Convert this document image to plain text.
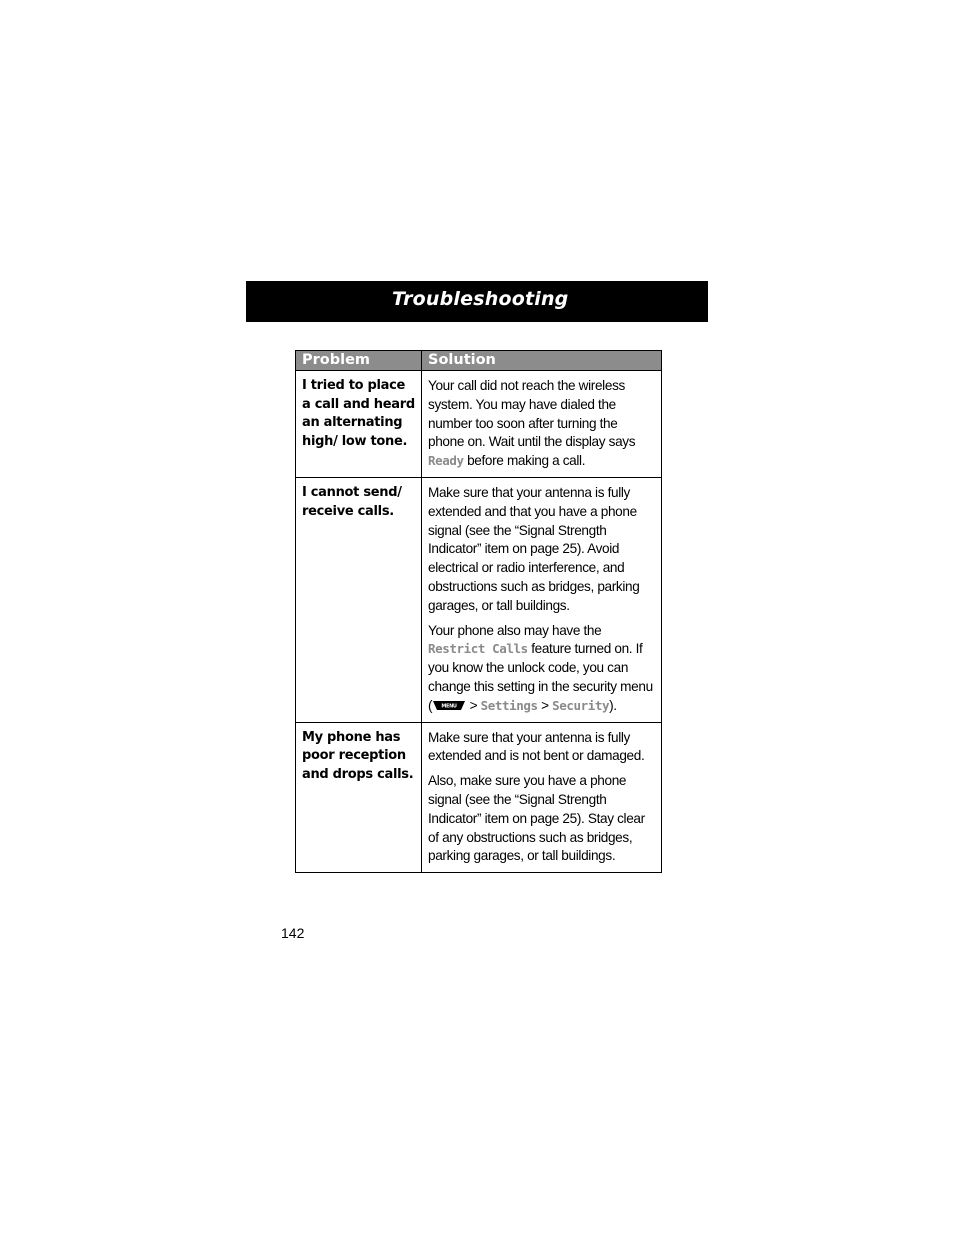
Troubleshooting
Problem	Solution
I tried to place a call and heard an alternating high/ low tone.	Your call did not reach the wireless system. You may have dialed the number too soon after turning the phone on. Wait until the display says Ready before making a call.

I cannot send/ receive calls.	Make sure that your antenna is fully extended and that you have a phone signal (see the “Signal Strength Indicator” item on page 25). Avoid electrical or radio interference, and obstructions such as bridges, parking garages, or tall buildings.

Your phone also may have the Restrict Calls feature turned on. If you know the unlock code, you can change this setting in the security menu ( MENU > Settings > Security).

My phone has poor reception and drops calls.	Make sure that your antenna is fully extended and is not bent or damaged.

Also, make sure you have a phone signal (see the “Signal Strength Indicator” item on page 25). Stay clear of any obstructions such as bridges, parking garages, or tall buildings.

142
